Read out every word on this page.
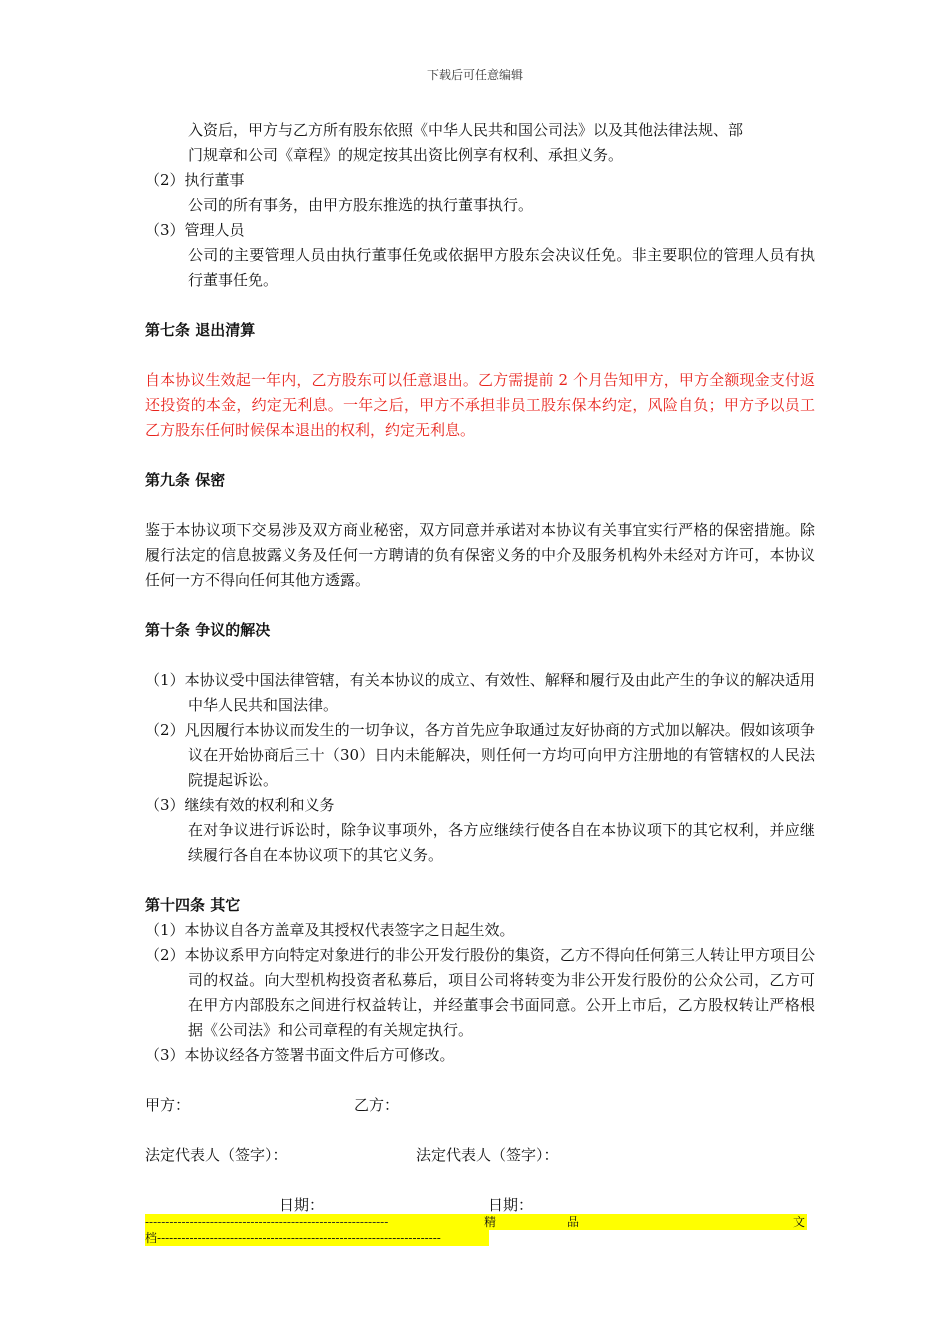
下载后可任意编辑

入资后，甲方与乙方所有股东依照《中华人民共和国公司法》以及其他法律法规、部
门规章和公司《章程》的规定按其出资比例享有权利、承担义务。

（2）执行董事

公司的所有事务，由甲方股东推选的执行董事执行。

（3）管理人员

公司的主要管理人员由执行董事任免或依据甲方股东会决议任免。非主要职位的管理人员有执行董事任免。

第七条 退出清算

自本协议生效起一年内，乙方股东可以任意退出。乙方需提前 2 个月告知甲方，甲方全额现金支付返还投资的本金，约定无利息。一年之后，甲方不承担非员工股东保本约定，风险自负；甲方予以员工乙方股东任何时候保本退出的权利，约定无利息。

第九条 保密

鉴于本协议项下交易涉及双方商业秘密，双方同意并承诺对本协议有关事宜实行严格的保密措施。除履行法定的信息披露义务及任何一方聘请的负有保密义务的中介及服务机构外未经对方许可，本协议任何一方不得向任何其他方透露。

第十条 争议的解决

（1）本协议受中国法律管辖，有关本协议的成立、有效性、解释和履行及由此产生的争议的解决适用中华人民共和国法律。

（2）凡因履行本协议而发生的一切争议，各方首先应争取通过友好协商的方式加以解决。假如该项争议在开始协商后三十（30）日内未能解决，则任何一方均可向甲方注册地的有管辖权的人民法院提起诉讼。

（3）继续有效的权利和义务

在对争议进行诉讼时，除争议事项外，各方应继续行使各自在本协议项下的其它权利，并应继续履行各自在本协议项下的其它义务。

第十四条 其它

（1）本协议自各方盖章及其授权代表签字之日起生效。

（2）本协议系甲方向特定对象进行的非公开发行股份的集资，乙方不得向任何第三人转让甲方项目公司的权益。向大型机构投资者私募后，项目公司将转变为非公开发行股份的公众公司，乙方可在甲方内部股东之间进行权益转让，并经董事会书面同意。公开上市后，乙方股权转让严格根据《公司法》和公司章程的有关规定执行。

（3）本协议经各方签署书面文件后方可修改。

甲方：	乙方：
法定代表人（签字）：	法定代表人（签字）：
日期：	日期：
------------------------------------------------------------	精	品	文
档----------------------------------------------------------------------
